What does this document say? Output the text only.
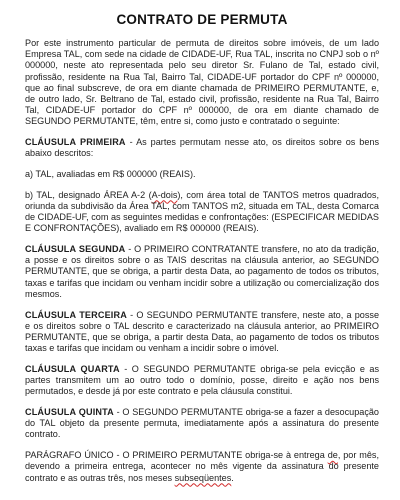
CONTRATO DE PERMUTA

Por este instrumento particular de permuta de direitos sobre imóveis, de um lado Empresa TAL, com sede na cidade de CIDADE-UF, Rua TAL, inscrita no CNPJ sob o nº 000000, neste ato representada pelo seu diretor Sr. Fulano de Tal, estado civil, profissão, residente na Rua Tal, Bairro Tal, CIDADE-UF portador do CPF nº 000000, que ao final subscreve, de ora em diante chamada de PRIMEIRO PERMUTANTE, e, de outro lado, Sr. Beltrano de Tal, estado civil, profissão, residente na Rua Tal, Bairro Tal, CIDADE-UF portador do CPF nº 000000, de ora em diante chamado de SEGUNDO PERMUTANTE, têm, entre si, como justo e contratado o seguinte:

CLÁUSULA PRIMEIRA - As partes permutam nesse ato, os direitos sobre os bens abaixo descritos:

a) TAL, avaliadas em R$ 000000 (REAIS).

b) TAL, designado ÁREA A-2 (A-dois), com área total de TANTOS metros quadrados, oriunda da subdivisão da Área TAL, com TANTOS m2, situada em TAL, desta Comarca de CIDADE-UF, com as seguintes medidas e confrontações: (ESPECIFICAR MEDIDAS E CONFRONTAÇÕES), avaliado em R$ 000000 (REAIS).

CLÁUSULA SEGUNDA - O PRIMEIRO CONTRATANTE transfere, no ato da tradição, a posse e os direitos sobre o as TAIS descritas na cláusula anterior, ao SEGUNDO PERMUTANTE, que se obriga, a partir desta Data, ao pagamento de todos os tributos, taxas e tarifas que incidam ou venham incidir sobre a utilização ou comercialização dos mesmos.

CLÁUSULA TERCEIRA - O SEGUNDO PERMUTANTE transfere, neste ato, a posse e os direitos sobre o TAL descrito e caracterizado na cláusula anterior, ao PRIMEIRO PERMUTANTE, que se obriga, a partir desta Data, ao pagamento de todos os tributos taxas e tarifas que incidam ou venham a incidir sobre o imóvel.

CLÁUSULA QUARTA - O SEGUNDO PERMUTANTE obriga-se pela evicção e as partes transmitem um ao outro todo o domínio, posse, direito e ação nos bens permutados, e desde já por este contrato e pela cláusula constitui.

CLÁUSULA QUINTA - O SEGUNDO PERMUTANTE obriga-se a fazer a desocupação do TAL objeto da presente permuta, imediatamente após a assinatura do presente contrato.

PARÁGRAFO ÚNICO - O PRIMEIRO PERMUTANTE obriga-se à entrega de, por mês, devendo a primeira entrega, acontecer no mês vigente da assinatura do presente contrato e as outras três, nos meses subseqüentes.
